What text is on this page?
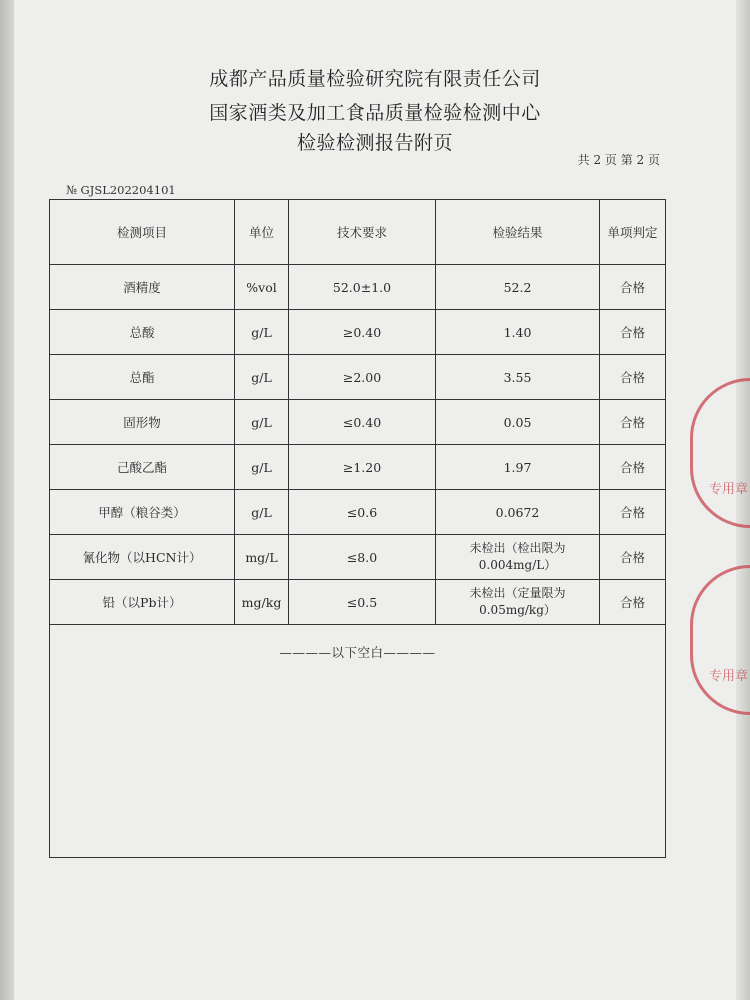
成都产品质量检验研究院有限责任公司
国家酒类及加工食品质量检验检测中心
检验检测报告附页
共 2 页 第 2 页
№ GJSL202204101
检测项目	单位	技术要求	检验结果	单项判定
酒精度	%vol	52.0±1.0	52.2	合格
总酸	g/L	≥0.40	1.40	合格
总酯	g/L	≥2.00	3.55	合格
固形物	g/L	≤0.40	0.05	合格
己酸乙酯	g/L	≥1.20	1.97	合格
甲醇（粮谷类）	g/L	≤0.6	0.0672	合格
氰化物（以HCN计）	mg/L	≤8.0	未检出（检出限为 0.004mg/L）	合格
铅（以Pb计）	mg/kg	≤0.5	未检出（定量限为 0.05mg/kg）	合格

————以下空白————				
专用章
专用章
